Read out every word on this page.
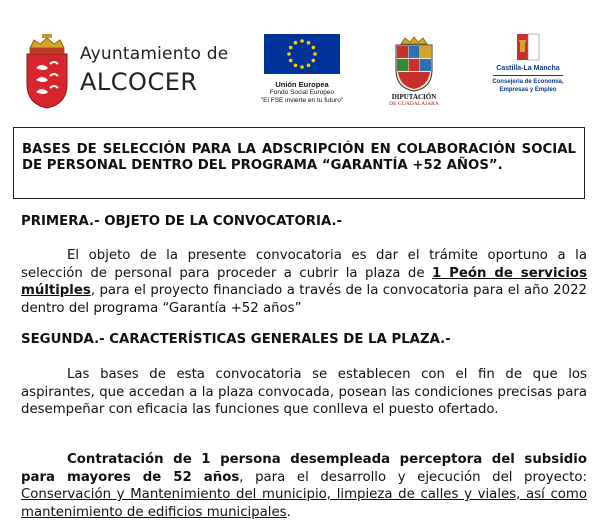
Ayuntamiento de
ALCOCER	Unión Europea
Fondo Social Europeo
"El FSE invierte en tu futuro"	DIPUTACIÓN
DE GUADALAJARA
Castilla-La Mancha
Consejería de Economía,
Empresas y Empleo
BASES DE SELECCIÓN PARA LA ADSCRIPCIÓN EN COLABORACIÓN SOCIAL DE PERSONAL DENTRO DEL PROGRAMA “GARANTÍA +52 AÑOS”.
PRIMERA.- OBJETO DE LA CONVOCATORIA.-
El objeto de la presente convocatoria es dar el trámite oportuno a la selección de personal para proceder a cubrir la plaza de 1 Peón de servicios múltiples, para el proyecto financiado a través de la convocatoria para el año 2022 dentro del programa “Garantía +52 años”
SEGUNDA.- CARACTERÍSTICAS GENERALES DE LA PLAZA.-
Las bases de esta convocatoria se establecen con el fin de que los aspirantes, que accedan a la plaza convocada, posean las condiciones precisas para desempeñar con eficacia las funciones que conlleva el puesto ofertado.
Contratación de 1 persona desempleada perceptora del subsidio para mayores de 52 años, para el desarrollo y ejecución del proyecto: Conservación y Mantenimiento del municipio, limpieza de calles y viales, así como mantenimiento de edificios municipales.
